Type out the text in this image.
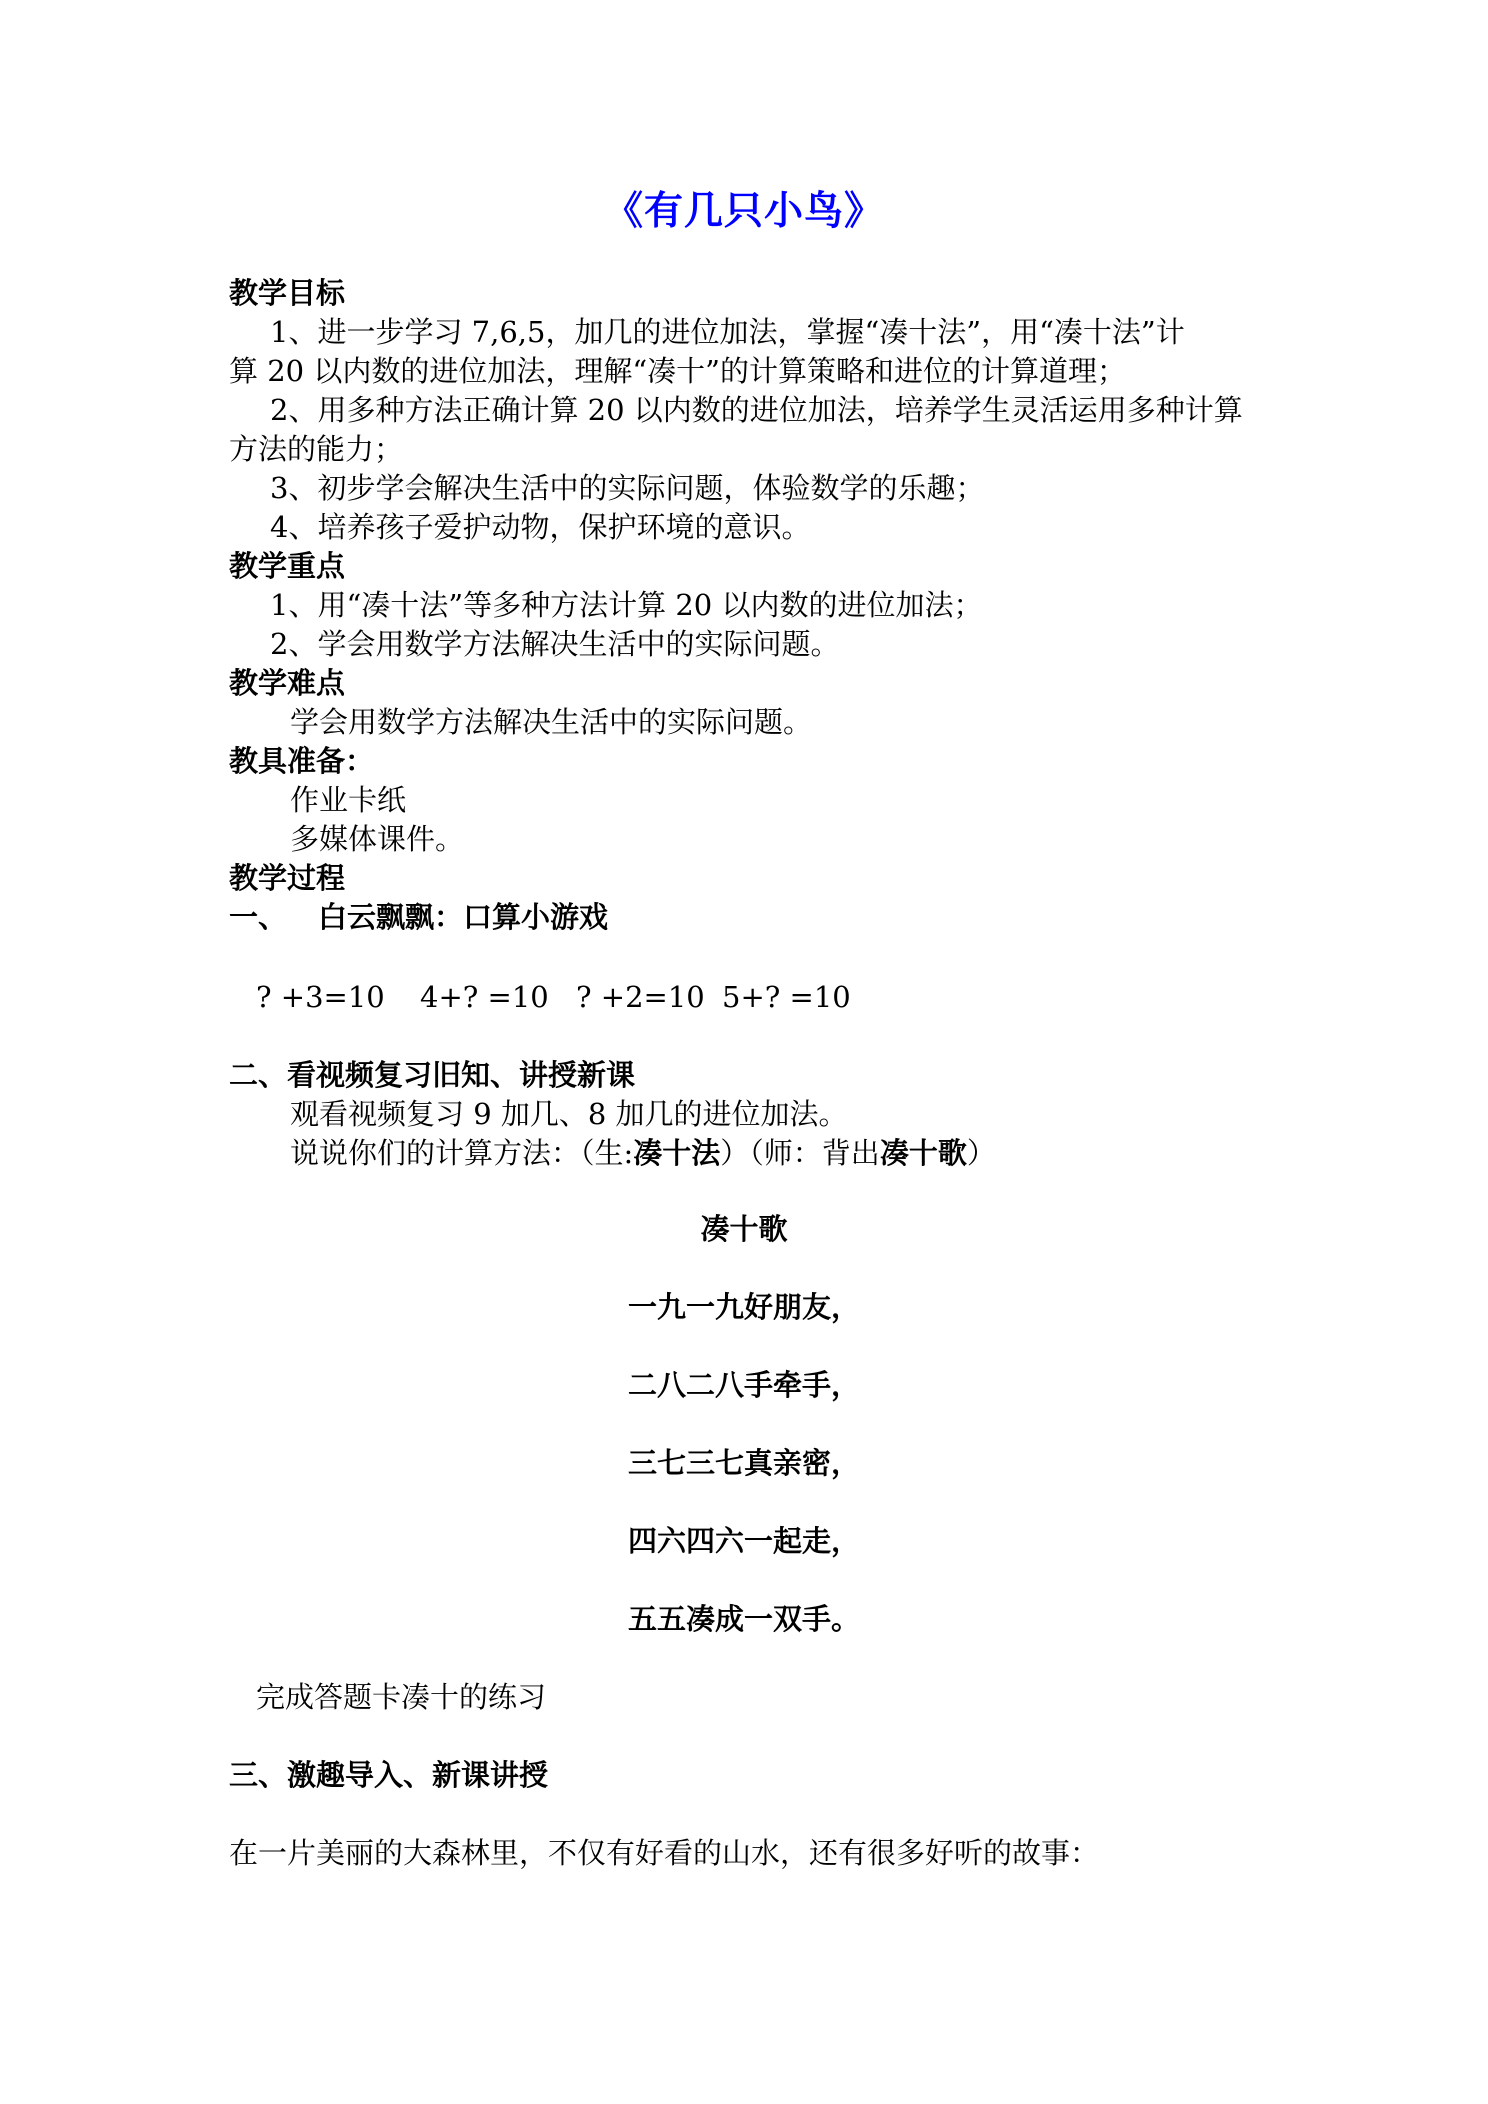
《有几只小鸟》
教学目标
1、进一步学习 7,6,5，加几的进位加法，掌握“凑十法”，用“凑十法”计
算 20 以内数的进位加法，理解“凑十”的计算策略和进位的计算道理；
2、用多种方法正确计算 20 以内数的进位加法，培养学生灵活运用多种计算
方法的能力；
3、初步学会解决生活中的实际问题，体验数学的乐趣；
4、培养孩子爱护动物，保护环境的意识。
教学重点
1、用“凑十法”等多种方法计算 20 以内数的进位加法；
2、学会用数学方法解决生活中的实际问题。
教学难点
学会用数学方法解决生活中的实际问题。
教具准备：
作业卡纸
多媒体课件。
教学过程
一、 白云飘飘：口算小游戏
? +3=10 4+? =10 ? +2=10 5+? =10
二、看视频复习旧知、讲授新课
观看视频复习 9 加几、8 加几的进位加法。
说说你们的计算方法：（生:凑十法）（师：背出凑十歌）
凑十歌
一九一九好朋友，
二八二八手牵手，
三七三七真亲密，
四六四六一起走，
五五凑成一双手。
完成答题卡凑十的练习
三、激趣导入、新课讲授
在一片美丽的大森林里，不仅有好看的山水，还有很多好听的故事：
